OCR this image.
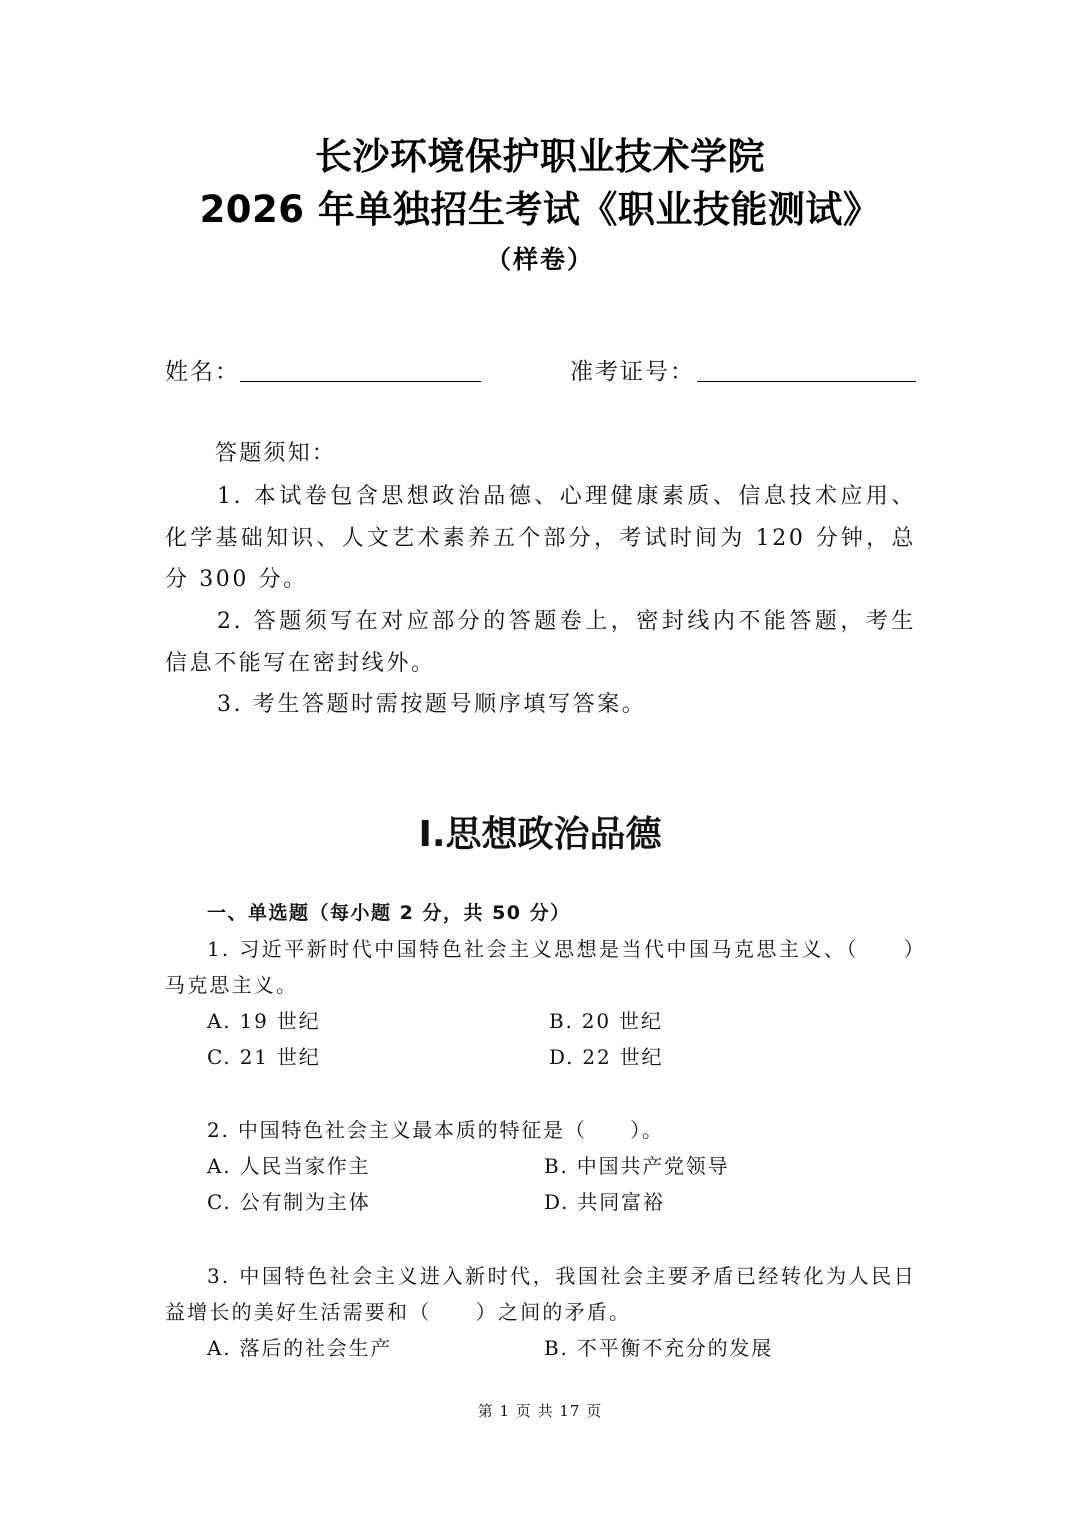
长沙环境保护职业技术学院
2026 年单独招生考试《职业技能测试》
（样卷）
姓名：	准考证号：
答题须知：

1. 本试卷包含思想政治品德、心理健康素质、信息技术应用、化学基础知识、人文艺术素养五个部分，考试时间为 120 分钟，总分 300 分。

2. 答题须写在对应部分的答题卷上，密封线内不能答题，考生信息不能写在密封线外。

3. 考生答题时需按题号顺序填写答案。

I.思想政治品德
一、单选题（每小题 2 分，共 50 分）

1. 习近平新时代中国特色社会主义思想是当代中国马克思主义、（　　）马克思主义。

A. 19 世纪	B. 20 世纪
C. 21 世纪	D. 22 世纪
2. 中国特色社会主义最本质的特征是（　　）。
A. 人民当家作主	B. 中国共产党领导
C. 公有制为主体	D. 共同富裕

3. 中国特色社会主义进入新时代，我国社会主要矛盾已经转化为人民日益增长的美好生活需要和（　　）之间的矛盾。

A. 落后的社会生产	B. 不平衡不充分的发展
第 1 页 共 17 页
